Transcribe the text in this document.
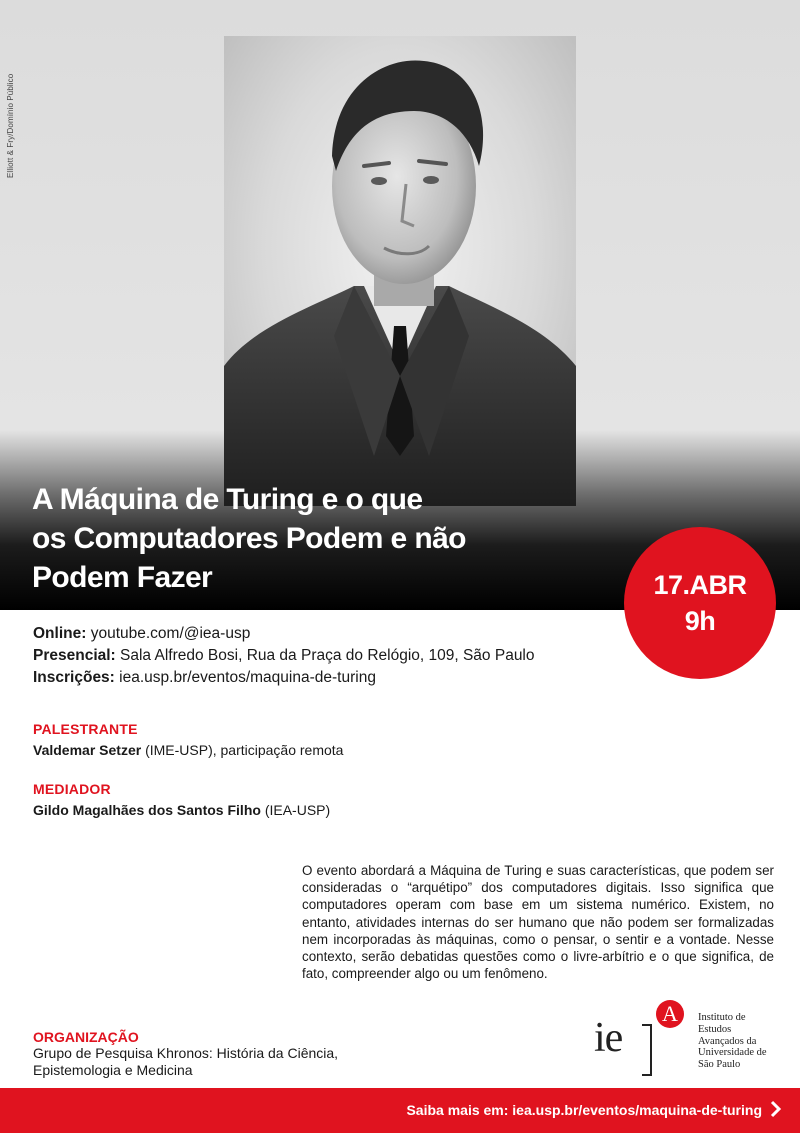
Elliott & Fry/Domínio Público
A Máquina de Turing e o que
os Computadores Podem e não
Podem Fazer	17.ABR
9h
Online: youtube.com/@iea-usp
Presencial: Sala Alfredo Bosi, Rua da Praça do Relógio, 109, São Paulo
Inscrições: iea.usp.br/eventos/maquina-de-turing
PALESTRANTE
Valdemar Setzer (IME-USP), participação remota
MEDIADOR
Gildo Magalhães dos Santos Filho (IEA-USP)
O evento abordará a Máquina de Turing e suas características, que podem ser consideradas o “arquétipo” dos computadores digitais. Isso significa que computadores operam com base em um sistema numérico. Existem, no entanto, atividades internas do ser humano que não podem ser formalizadas nem incorporadas às máquinas, como o pensar, o sentir e a vontade. Nesse contexto, serão debatidas questões como o livre-arbítrio e o que significa, de fato, compreender algo ou um fenômeno.
ORGANIZAÇÃO
Grupo de Pesquisa Khronos: História da Ciência,
Epistemologia e Medicina
ie
A	Instituto de
Estudos
Avançados da
Universidade de
São Paulo
Saiba mais em: iea.usp.br/eventos/maquina-de-turing
